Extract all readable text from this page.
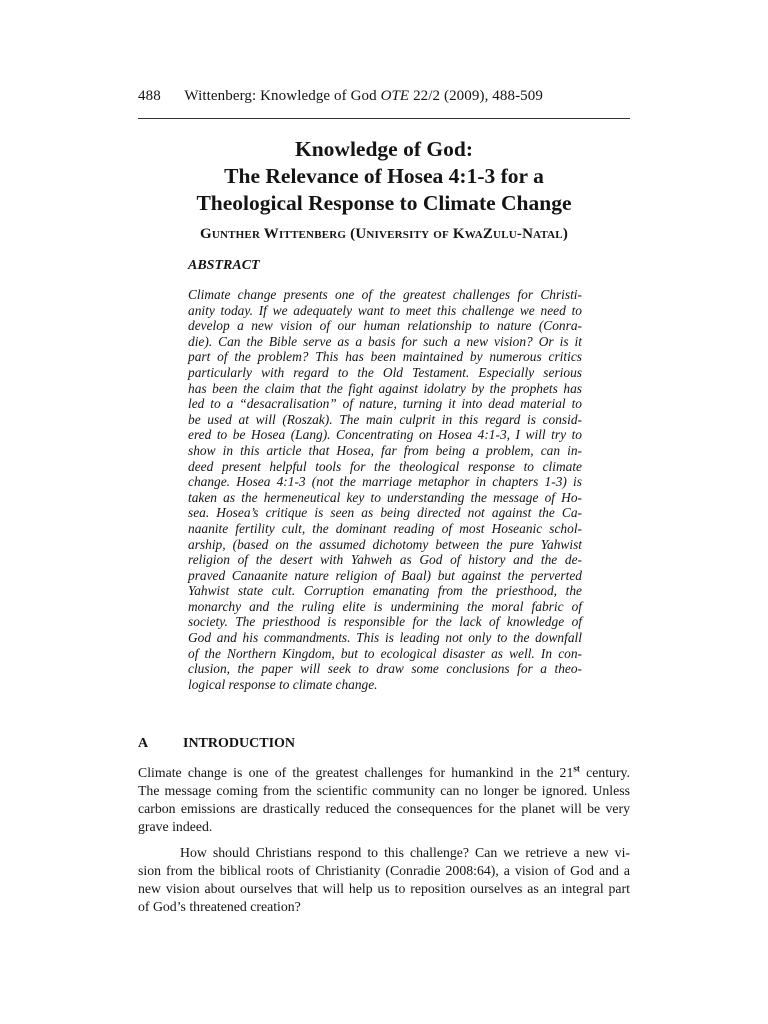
488 Wittenberg: Knowledge of God OTE 22/2 (2009), 488-509
Knowledge of God:
The Relevance of Hosea 4:1-3 for a
Theological Response to Climate Change
Gunther Wittenberg (University of KwaZulu-Natal)
ABSTRACT
Climate change presents one of the greatest challenges for Christi-
anity today. If we adequately want to meet this challenge we need to
develop a new vision of our human relationship to nature (Conra-
die). Can the Bible serve as a basis for such a new vision? Or is it
part of the problem? This has been maintained by numerous critics
particularly with regard to the Old Testament. Especially serious
has been the claim that the fight against idolatry by the prophets has
led to a “desacralisation” of nature, turning it into dead material to
be used at will (Roszak). The main culprit in this regard is consid-
ered to be Hosea (Lang). Concentrating on Hosea 4:1-3, I will try to
show in this article that Hosea, far from being a problem, can in-
deed present helpful tools for the theological response to climate
change. Hosea 4:1-3 (not the marriage metaphor in chapters 1-3) is
taken as the hermeneutical key to understanding the message of Ho-
sea. Hosea’s critique is seen as being directed not against the Ca-
naanite fertility cult, the dominant reading of most Hoseanic schol-
arship, (based on the assumed dichotomy between the pure Yahwist
religion of the desert with Yahweh as God of history and the de-
praved Canaanite nature religion of Baal) but against the perverted
Yahwist state cult. Corruption emanating from the priesthood, the
monarchy and the ruling elite is undermining the moral fabric of
society. The priesthood is responsible for the lack of knowledge of
God and his commandments. This is leading not only to the downfall
of the Northern Kingdom, but to ecological disaster as well. In con-
clusion, the paper will seek to draw some conclusions for a theo-
logical response to climate change.
A INTRODUCTION
Climate change is one of the greatest challenges for humankind in the 21st century.
The message coming from the scientific community can no longer be ignored. Unless
carbon emissions are drastically reduced the consequences for the planet will be very
grave indeed.
How should Christians respond to this challenge? Can we retrieve a new vi-
sion from the biblical roots of Christianity (Conradie 2008:64), a vision of God and a
new vision about ourselves that will help us to reposition ourselves as an integral part
of God’s threatened creation?
